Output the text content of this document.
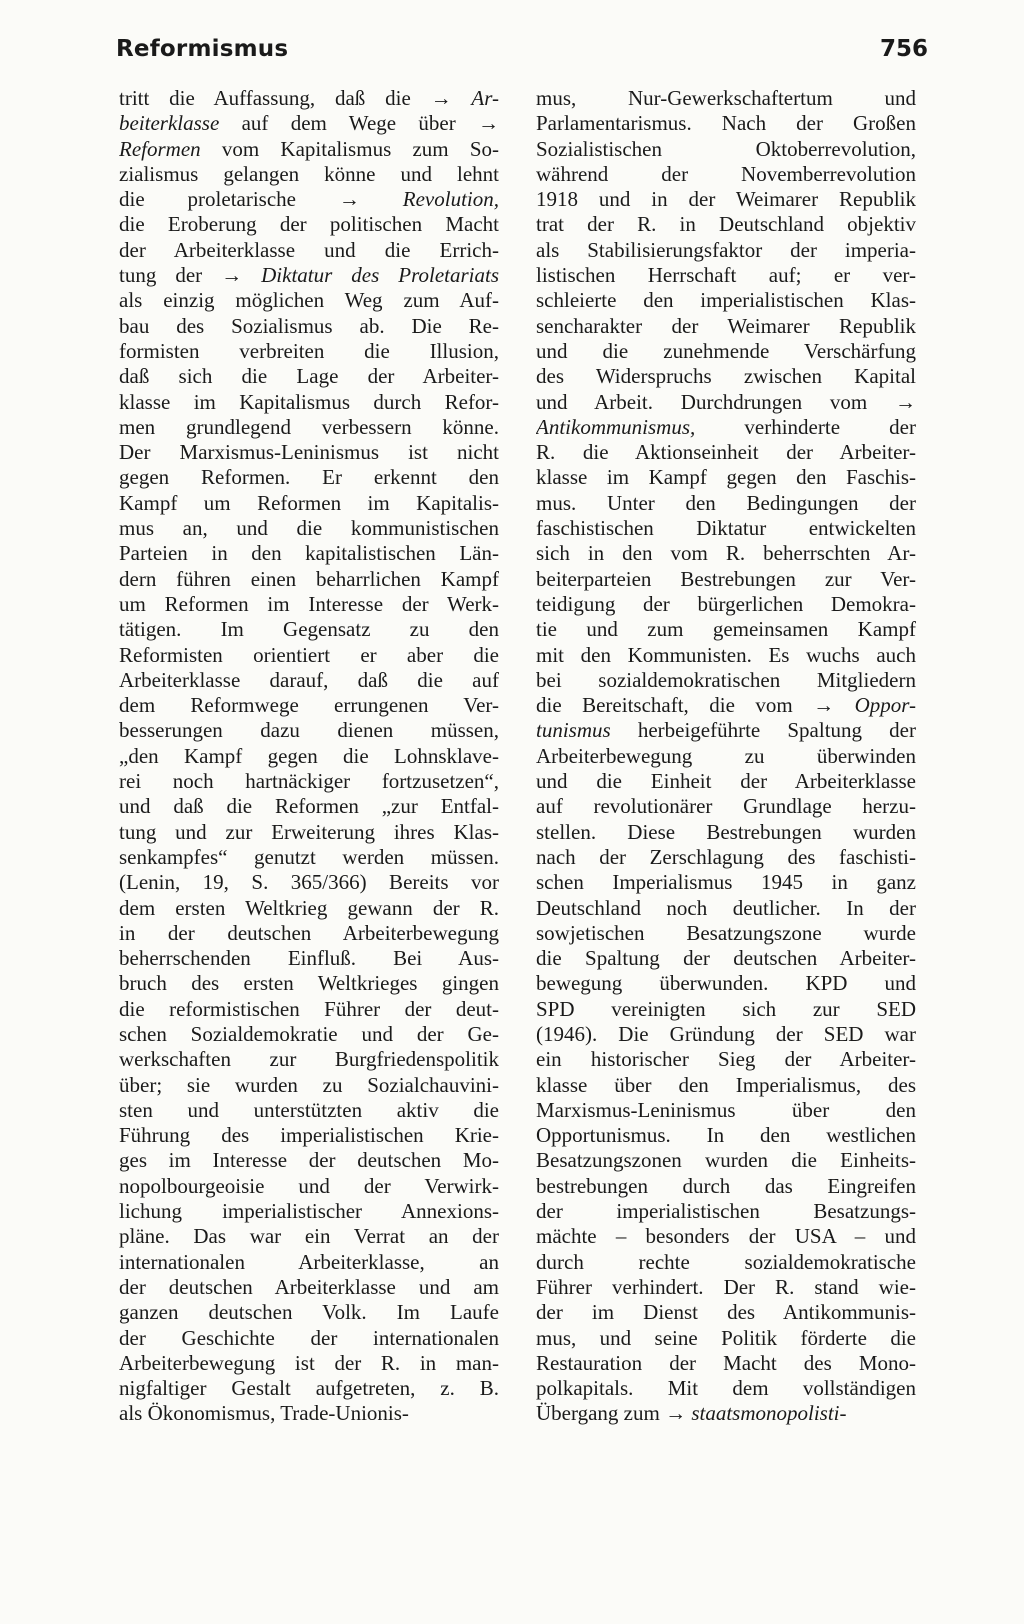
Reformismus	756
tritt die Auffassung, daß die → Ar-
beiterklasse auf dem Wege über →
Reformen vom Kapitalismus zum So-
zialismus gelangen könne und lehnt
die proletarische → Revolution,
die Eroberung der politischen Macht
der Arbeiterklasse und die Errich-
tung der → Diktatur des Proletariats
als einzig möglichen Weg zum Auf-
bau des Sozialismus ab. Die Re-
formisten verbreiten die Illusion,
daß sich die Lage der Arbeiter-
klasse im Kapitalismus durch Refor-
men grundlegend verbessern könne.
Der Marxismus-Leninismus ist nicht
gegen Reformen. Er erkennt den
Kampf um Reformen im Kapitalis-
mus an, und die kommunistischen
Parteien in den kapitalistischen Län-
dern führen einen beharrlichen Kampf
um Reformen im Interesse der Werk-
tätigen. Im Gegensatz zu den
Reformisten orientiert er aber die
Arbeiterklasse darauf, daß die auf
dem Reformwege errungenen Ver-
besserungen dazu dienen müssen,
„den Kampf gegen die Lohnsklave-
rei noch hartnäckiger fortzusetzen“,
und daß die Reformen „zur Entfal-
tung und zur Erweiterung ihres Klas-
senkampfes“ genutzt werden müssen.
(Lenin, 19, S. 365/366) Bereits vor
dem ersten Weltkrieg gewann der R.
in der deutschen Arbeiterbewegung
beherrschenden Einfluß. Bei Aus-
bruch des ersten Weltkrieges gingen
die reformistischen Führer der deut-
schen Sozialdemokratie und der Ge-
werkschaften zur Burgfriedenspolitik
über; sie wurden zu Sozialchauvini-
sten und unterstützten aktiv die
Führung des imperialistischen Krie-
ges im Interesse der deutschen Mo-
nopolbourgeoisie und der Verwirk-
lichung imperialistischer Annexions-
pläne. Das war ein Verrat an der
internationalen Arbeiterklasse, an
der deutschen Arbeiterklasse und am
ganzen deutschen Volk. Im Laufe
der Geschichte der internationalen
Arbeiterbewegung ist der R. in man-
nigfaltiger Gestalt aufgetreten, z. B.
als Ökonomismus, Trade-Unionis-
mus, Nur-Gewerkschaftertum und
Parlamentarismus. Nach der Großen
Sozialistischen Oktoberrevolution,
während der Novemberrevolution
1918 und in der Weimarer Republik
trat der R. in Deutschland objektiv
als Stabilisierungsfaktor der imperia-
listischen Herrschaft auf; er ver-
schleierte den imperialistischen Klas-
sencharakter der Weimarer Republik
und die zunehmende Verschärfung
des Widerspruchs zwischen Kapital
und Arbeit. Durchdrungen vom →
Antikommunismus, verhinderte der
R. die Aktionseinheit der Arbeiter-
klasse im Kampf gegen den Faschis-
mus. Unter den Bedingungen der
faschistischen Diktatur entwickelten
sich in den vom R. beherrschten Ar-
beiterparteien Bestrebungen zur Ver-
teidigung der bürgerlichen Demokra-
tie und zum gemeinsamen Kampf
mit den Kommunisten. Es wuchs auch
bei sozialdemokratischen Mitgliedern
die Bereitschaft, die vom → Oppor-
tunismus herbeigeführte Spaltung der
Arbeiterbewegung zu überwinden
und die Einheit der Arbeiterklasse
auf revolutionärer Grundlage herzu-
stellen. Diese Bestrebungen wurden
nach der Zerschlagung des faschisti-
schen Imperialismus 1945 in ganz
Deutschland noch deutlicher. In der
sowjetischen Besatzungszone wurde
die Spaltung der deutschen Arbeiter-
bewegung überwunden. KPD und
SPD vereinigten sich zur SED
(1946). Die Gründung der SED war
ein historischer Sieg der Arbeiter-
klasse über den Imperialismus, des
Marxismus-Leninismus über den
Opportunismus. In den westlichen
Besatzungszonen wurden die Einheits-
bestrebungen durch das Eingreifen
der imperialistischen Besatzungs-
mächte – besonders der USA – und
durch rechte sozialdemokratische
Führer verhindert. Der R. stand wie-
der im Dienst des Antikommunis-
mus, und seine Politik förderte die
Restauration der Macht des Mono-
polkapitals. Mit dem vollständigen
Übergang zum → staatsmonopolisti-
